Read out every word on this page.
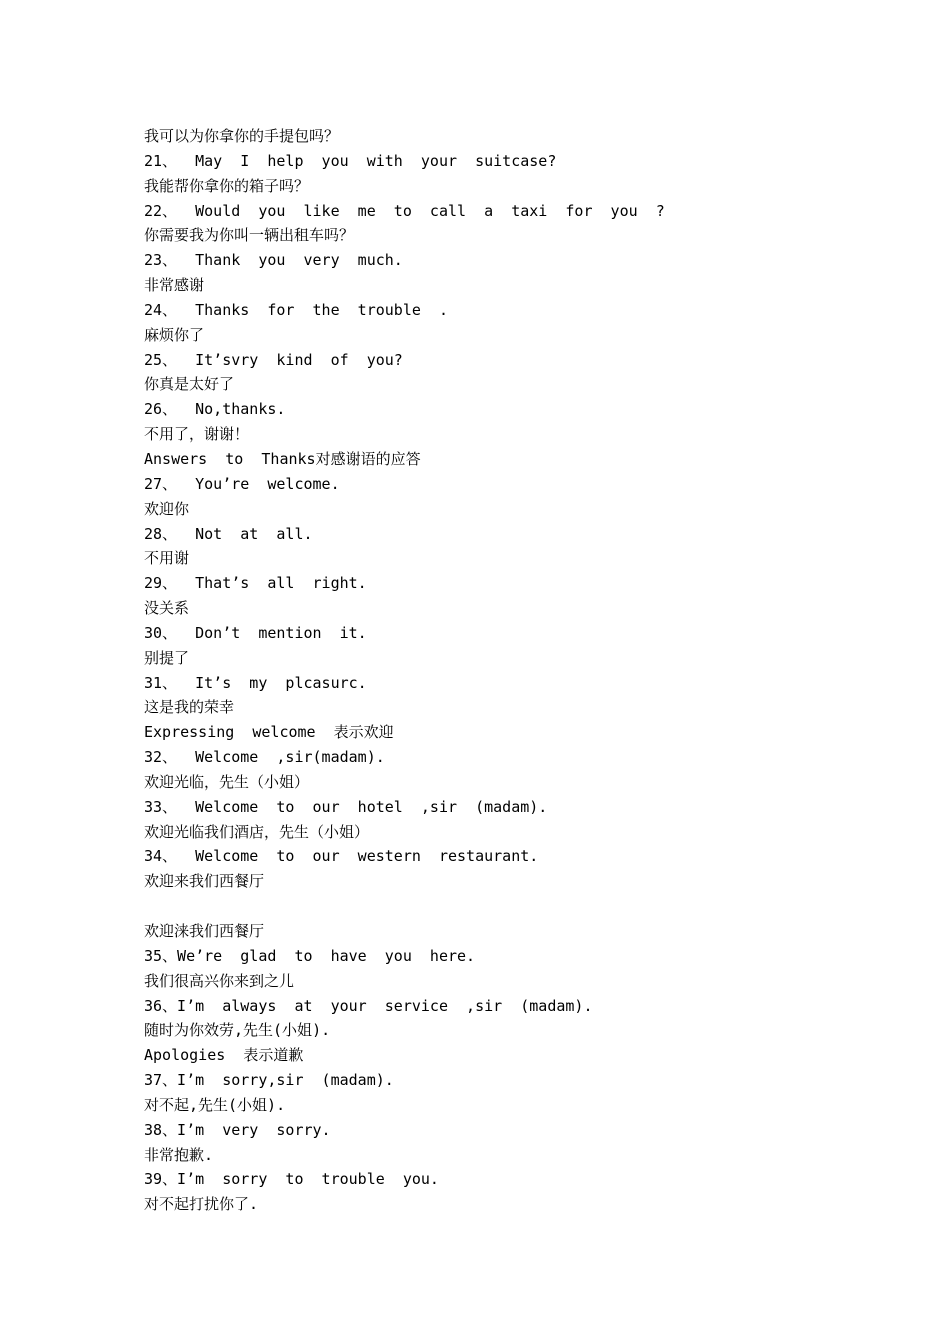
我可以为你拿你的手提包吗？
21、  May  I  help  you  with  your  suitcase?
我能帮你拿你的箱子吗？
22、  Would  you  like  me  to  call  a  taxi  for  you  ?
你需要我为你叫一辆出租车吗？
23、  Thank  you  very  much.
非常感谢
24、  Thanks  for  the  trouble  .
麻烦你了
25、  It’svry  kind  of  you?
你真是太好了
26、  No,thanks.
不用了，谢谢！
Answers  to  Thanks对感谢语的应答
27、  You’re  welcome.
欢迎你
28、  Not  at  all.
不用谢
29、  That’s  all  right.
没关系
30、  Don’t  mention  it.
别提了
31、  It’s  my  plcasurc.
这是我的荣幸
Expressing  welcome  表示欢迎
32、  Welcome  ,sir(madam).
欢迎光临，先生（小姐）
33、  Welcome  to  our  hotel  ,sir  (madam).
欢迎光临我们酒店，先生（小姐）
34、  Welcome  to  our  western  restaurant.
欢迎来我们西餐厅
欢迎涞我们西餐厅
35、We’re  glad  to  have  you  here.
我们很高兴你来到之儿
36、I’m  always  at  your  service  ,sir  (madam).
随时为你效劳,先生(小姐).
Apologies  表示道歉
37、I’m  sorry,sir  (madam).
对不起,先生(小姐).
38、I’m  very  sorry.
非常抱歉.
39、I’m  sorry  to  trouble  you.
对不起打扰你了.
